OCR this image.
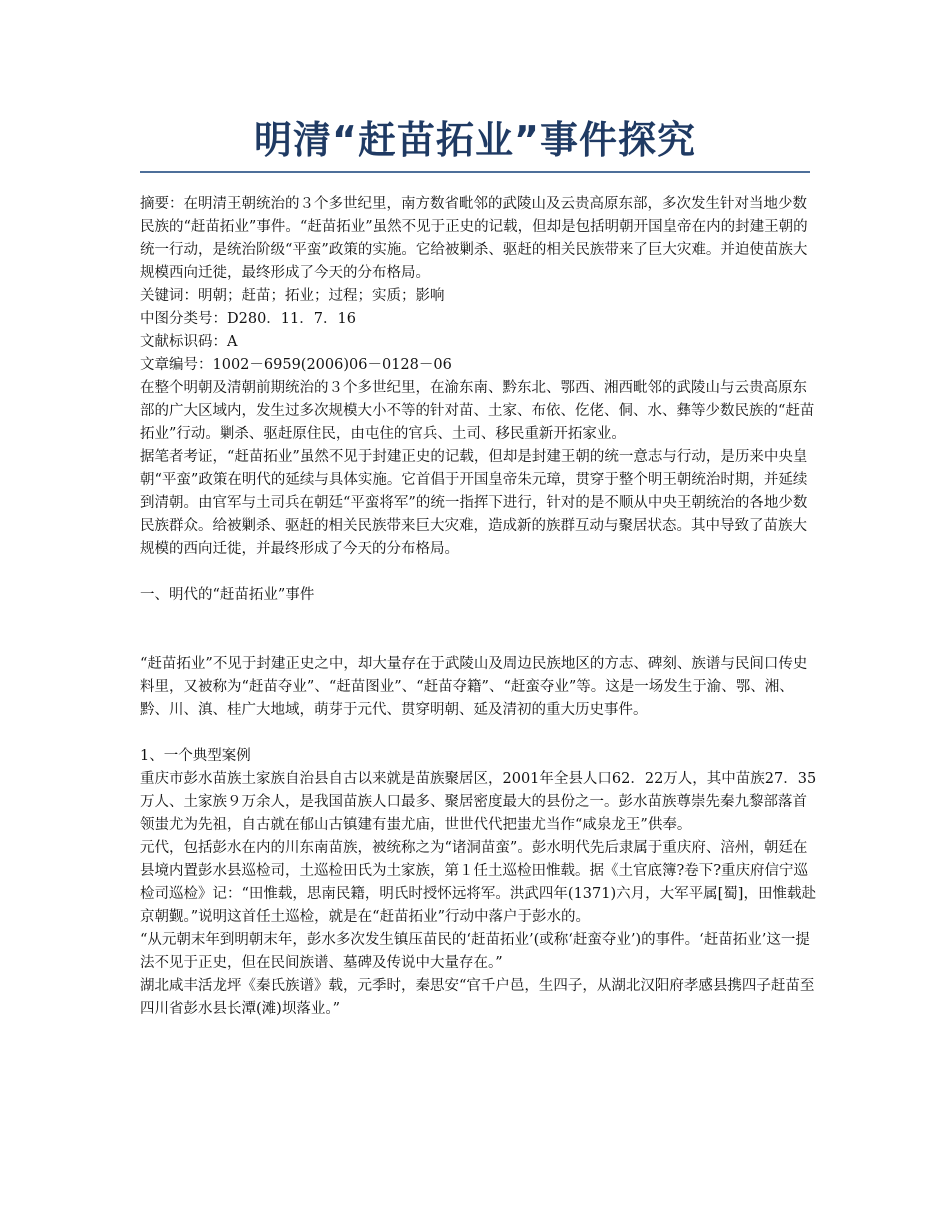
明清“赶苗拓业”事件探究

摘要：在明清王朝统治的３个多世纪里，南方数省毗邻的武陵山及云贵高原东部，多次发生针对当地少数民族的“赶苗拓业”事件。“赶苗拓业”虽然不见于正史的记载，但却是包括明朝开国皇帝在内的封建王朝的统一行动，是统治阶级“平蛮”政策的实施。它给被剿杀、驱赶的相关民族带来了巨大灾难。并迫使苗族大规模西向迁徙，最终形成了今天的分布格局。

关键词：明朝；赶苗；拓业；过程；实质；影响

中图分类号：D280．11．7．16

文献标识码：A

文章编号：1002－6959(2006)06－0128－06

在整个明朝及清朝前期统治的３个多世纪里，在渝东南、黔东北、鄂西、湘西毗邻的武陵山与云贵高原东部的广大区域内，发生过多次规模大小不等的针对苗、土家、布依、仡佬、侗、水、彝等少数民族的“赶苗拓业”行动。剿杀、驱赶原住民，由屯住的官兵、土司、移民重新开拓家业。

据笔者考证，“赶苗拓业”虽然不见于封建正史的记载，但却是封建王朝的统一意志与行动，是历来中央皇朝“平蛮”政策在明代的延续与具体实施。它首倡于开国皇帝朱元璋，贯穿于整个明王朝统治时期，并延续到清朝。由官军与土司兵在朝廷“平蛮将军”的统一指挥下进行，针对的是不顺从中央王朝统治的各地少数民族群众。给被剿杀、驱赶的相关民族带来巨大灾难，造成新的族群互动与聚居状态。其中导致了苗族大规模的西向迁徙，并最终形成了今天的分布格局。

一、明代的“赶苗拓业”事件

“赶苗拓业”不见于封建正史之中，却大量存在于武陵山及周边民族地区的方志、碑刻、族谱与民间口传史料里，又被称为“赶苗夺业”、“赶苗图业”、“赶苗夺籍”、“赶蛮夺业”等。这是一场发生于渝、鄂、湘、黔、川、滇、桂广大地域，萌芽于元代、贯穿明朝、延及清初的重大历史事件。

1、一个典型案例

重庆市彭水苗族土家族自治县自古以来就是苗族聚居区，2001年全县人口62．22万人，其中苗族27．35万人、土家族９万余人，是我国苗族人口最多、聚居密度最大的县份之一。彭水苗族尊崇先秦九黎部落首领蚩尤为先祖，自古就在郁山古镇建有蚩尤庙，世世代代把蚩尤当作“咸泉龙王”供奉。

元代，包括彭水在内的川东南苗族，被统称之为“诸洞苗蛮”。彭水明代先后隶属于重庆府、涪州，朝廷在县境内置彭水县巡检司，土巡检田氏为土家族，第１任土巡检田惟载。据《土官底簿?卷下?重庆府信宁巡检司巡检》记：“田惟载，思南民籍，明氏时授怀远将军。洪武四年(1371)六月，大军平属[蜀]，田惟载赴京朝觐。”说明这首任土巡检，就是在“赶苗拓业”行动中落户于彭水的。

“从元朝末年到明朝末年，彭水多次发生镇压苗民的‘赶苗拓业’(或称‘赶蛮夺业’)的事件。‘赶苗拓业’这一提法不见于正史，但在民间族谱、墓碑及传说中大量存在。”

湖北咸丰活龙坪《秦氏族谱》载，元季时，秦思安“官千户邑，生四子，从湖北汉阳府孝感县携四子赶苗至四川省彭水县长潭(滩)坝落业。”
